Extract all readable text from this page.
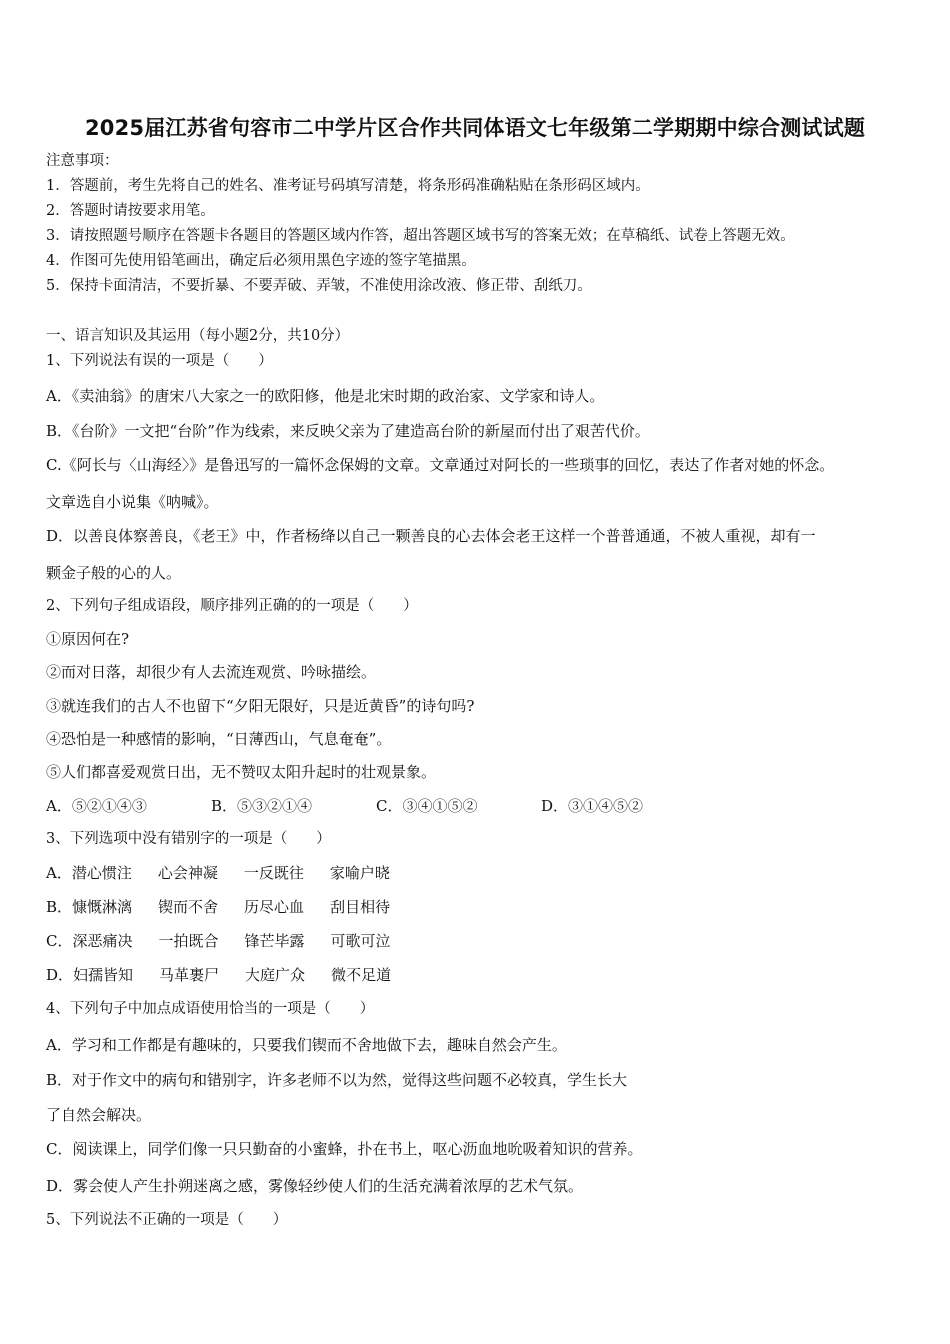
2025届江苏省句容市二中学片区合作共同体语文七年级第二学期期中综合测试试题
注意事项：
1．答题前，考生先将自己的姓名、准考证号码填写清楚，将条形码准确粘贴在条形码区域内。
2．答题时请按要求用笔。
3．请按照题号顺序在答题卡各题目的答题区域内作答，超出答题区域书写的答案无效；在草稿纸、试卷上答题无效。
4．作图可先使用铅笔画出，确定后必须用黑色字迹的签字笔描黑。
5．保持卡面清洁，不要折暴、不要弄破、弄皱，不准使用涂改液、修正带、刮纸刀。
一、语言知识及其运用（每小题2分，共10分）
1、下列说法有误的一项是（　　）
A．《卖油翁》的唐宋八大家之一的欧阳修，他是北宋时期的政治家、文学家和诗人。
B．《台阶》一文把“台阶”作为线索，来反映父亲为了建造高台阶的新屋而付出了艰苦代价。
C.《阿长与〈山海经〉》是鲁迅写的一篇怀念保姆的文章。文章通过对阿长的一些琐事的回忆，表达了作者对她的怀念。
文章选自小说集《呐喊》。
D．以善良体察善良，《老王》中，作者杨绛以自己一颗善良的心去体会老王这样一个普普通通，不被人重视，却有一
颗金子般的心的人。
2、下列句子组成语段，顺序排列正确的的一项是（　　）
①原因何在?
②而对日落，却很少有人去流连观赏、吟咏描绘。
③就连我们的古人不也留下“夕阳无限好，只是近黄昏”的诗句吗?
④恐怕是一种感情的影响，“日薄西山，气息奄奄”。
⑤人们都喜爱观赏日出，无不赞叹太阳升起时的壮观景象。
A．⑤②①④③	B．⑤③②①④	C．③④①⑤②	D．③①④⑤②
3、下列选项中没有错别字的一项是（　　）
A．潜心惯注 心会神凝 一反既往 家喻户晓
B．慷慨淋漓 锲而不舍 历尽心血 刮目相待
C．深恶痛决 一拍既合 锋芒毕露 可歌可泣
D．妇孺皆知 马革裹尸 大庭广众 微不足道
4、下列句子中加点成语使用恰当的一项是（　　）
A．学习和工作都是有趣味的，只要我们锲而不舍地做下去，趣味自然会产生。
B．对于作文中的病句和错别字，许多老师不以为然，觉得这些问题不必较真，学生长大
了自然会解决。
C．阅读课上，同学们像一只只勤奋的小蜜蜂，扑在书上，呕心沥血地吮吸着知识的营养。
D．雾会使人产生扑朔迷离之感，雾像轻纱使人们的生活充满着浓厚的艺术气氛。
5、下列说法不正确的一项是（　　）
